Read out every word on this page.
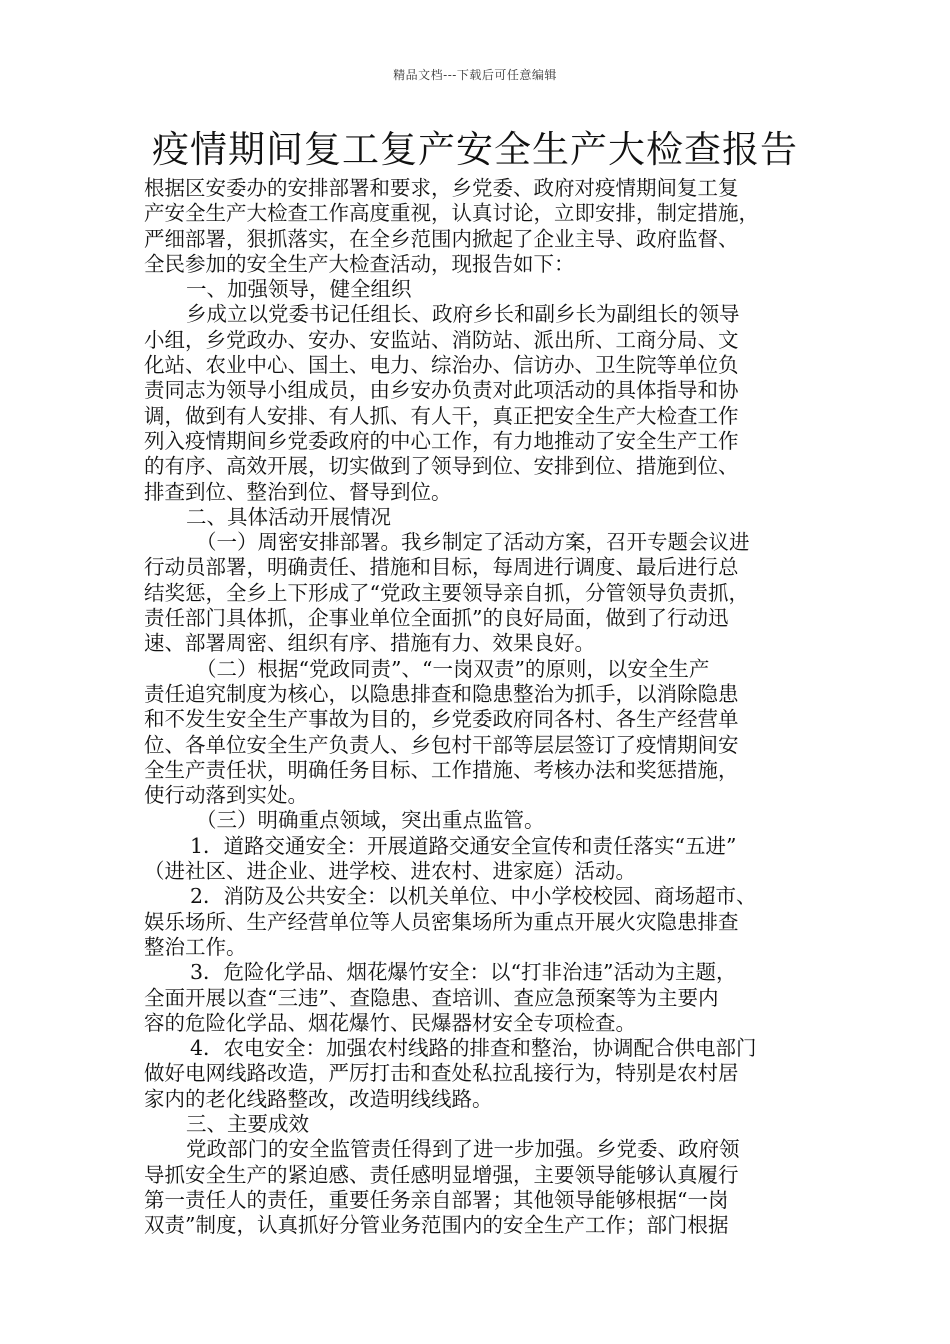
精品文档---下载后可任意编辑
疫情期间复工复产安全生产大检查报告
根据区安委办的安排部署和要求，乡党委、政府对疫情期间复工复
产安全生产大检查工作高度重视，认真讨论，立即安排，制定措施，
严细部署，狠抓落实，在全乡范围内掀起了企业主导、政府监督、
全民参加的安全生产大检查活动，现报告如下：
一、加强领导，健全组织
乡成立以党委书记任组长、政府乡长和副乡长为副组长的领导
小组，乡党政办、安办、安监站、消防站、派出所、工商分局、文
化站、农业中心、国土、电力、综治办、信访办、卫生院等单位负
责同志为领导小组成员，由乡安办负责对此项活动的具体指导和协
调，做到有人安排、有人抓、有人干，真正把安全生产大检查工作
列入疫情期间乡党委政府的中心工作，有力地推动了安全生产工作
的有序、高效开展，切实做到了领导到位、安排到位、措施到位、
排查到位、整治到位、督导到位。
二、具体活动开展情况
（一）周密安排部署。我乡制定了活动方案，召开专题会议进
行动员部署，明确责任、措施和目标，每周进行调度、最后进行总
结奖惩，全乡上下形成了“党政主要领导亲自抓，分管领导负责抓，
责任部门具体抓，企事业单位全面抓”的良好局面，做到了行动迅
速、部署周密、组织有序、措施有力、效果良好。
（二）根据“党政同责”、“一岗双责”的原则，以安全生产
责任追究制度为核心，以隐患排查和隐患整治为抓手，以消除隐患
和不发生安全生产事故为目的，乡党委政府同各村、各生产经营单
位、各单位安全生产负责人、乡包村干部等层层签订了疫情期间安
全生产责任状，明确任务目标、工作措施、考核办法和奖惩措施，
使行动落到实处。
（三）明确重点领域，突出重点监管。
1．道路交通安全：开展道路交通安全宣传和责任落实“五进”
（进社区、进企业、进学校、进农村、进家庭）活动。
2．消防及公共安全：以机关单位、中小学校校园、商场超市、
娱乐场所、生产经营单位等人员密集场所为重点开展火灾隐患排查
整治工作。
3．危险化学品、烟花爆竹安全：以“打非治违”活动为主题，
全面开展以查“三违”、查隐患、查培训、查应急预案等为主要内
容的危险化学品、烟花爆竹、民爆器材安全专项检查。
4．农电安全：加强农村线路的排查和整治，协调配合供电部门
做好电网线路改造，严厉打击和查处私拉乱接行为，特别是农村居
家内的老化线路整改，改造明线线路。
三、主要成效
党政部门的安全监管责任得到了进一步加强。乡党委、政府领
导抓安全生产的紧迫感、责任感明显增强，主要领导能够认真履行
第一责任人的责任，重要任务亲自部署；其他领导能够根据“一岗
双责”制度，认真抓好分管业务范围内的安全生产工作；部门根据
